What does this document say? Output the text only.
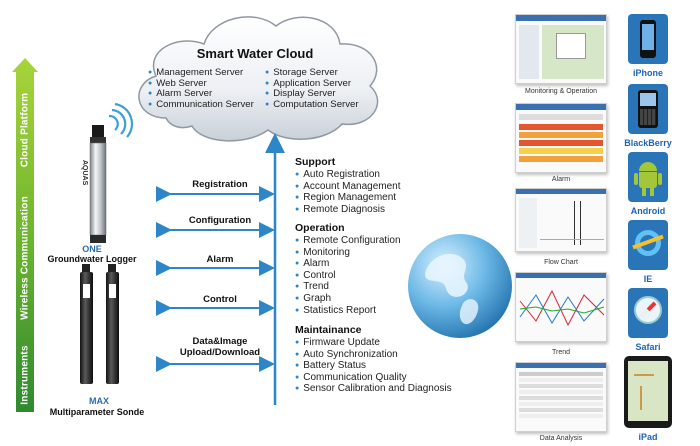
Instruments
Wireless Communication
Cloud Platform
Smart Water Cloud
● Management Server
● Web Server
● Alarm Server
● Communication Server
● Storage Server
● Application Server
● Display Server
● Computation Server
AQUAS
ONE
Groundwater Logger
MAX
Multiparameter Sonde
Registration
Configuration
Alarm
Control
Data&Image Upload/Download
Support
● Auto Registration
● Account Management
● Region Management
● Remote Diagnosis
Operation
● Remote Configuration
● Monitoring
● Alarm
● Control
● Trend
● Graph
● Statistics Report
Maintainance
● Firmware Update
● Auto Synchronization
● Battery Status
● Communication Quality
● Sensor Calibration and Diagnosis
Monitoring & Operation
Alarm
Flow Chart
Trend
Data Analysis
iPhone
BlackBerry
Android
IE
Safari
iPad
